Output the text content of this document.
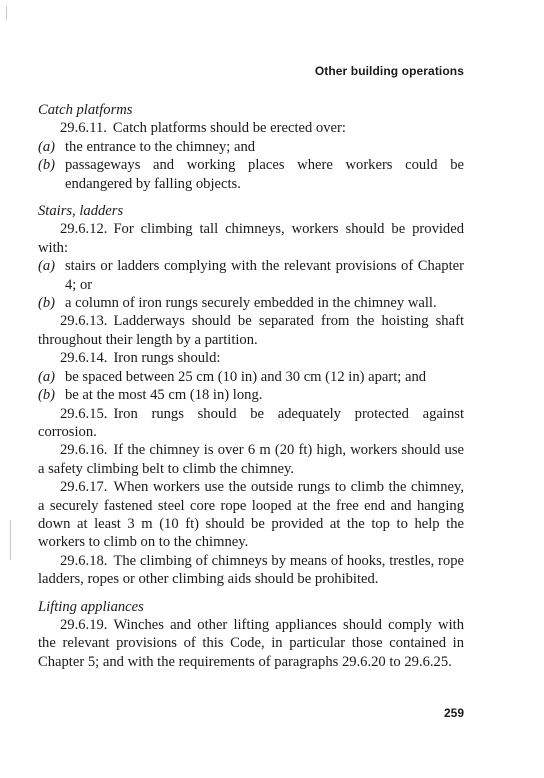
Other building operations

Catch platforms

29.6.11. Catch platforms should be erected over:

(a) the entrance to the chimney; and

(b) passageways and working places where workers could be endangered by falling objects.

Stairs, ladders

29.6.12. For climbing tall chimneys, workers should be provided with:

(a) stairs or ladders complying with the relevant provisions of Chapter 4; or

(b) a column of iron rungs securely embedded in the chimney wall.

29.6.13. Ladderways should be separated from the hoisting shaft throughout their length by a partition.

29.6.14. Iron rungs should:

(a) be spaced between 25 cm (10 in) and 30 cm (12 in) apart; and

(b) be at the most 45 cm (18 in) long.

29.6.15. Iron rungs should be adequately protected against corrosion.

29.6.16. If the chimney is over 6 m (20 ft) high, workers should use a safety climbing belt to climb the chimney.

29.6.17. When workers use the outside rungs to climb the chimney, a securely fastened steel core rope looped at the free end and hanging down at least 3 m (10 ft) should be provided at the top to help the workers to climb on to the chimney.

29.6.18. The climbing of chimneys by means of hooks, trestles, rope ladders, ropes or other climbing aids should be prohibited.

Lifting appliances

29.6.19. Winches and other lifting appliances should comply with the relevant provisions of this Code, in particular those contained in Chapter 5; and with the requirements of paragraphs 29.6.20 to 29.6.25.

259
